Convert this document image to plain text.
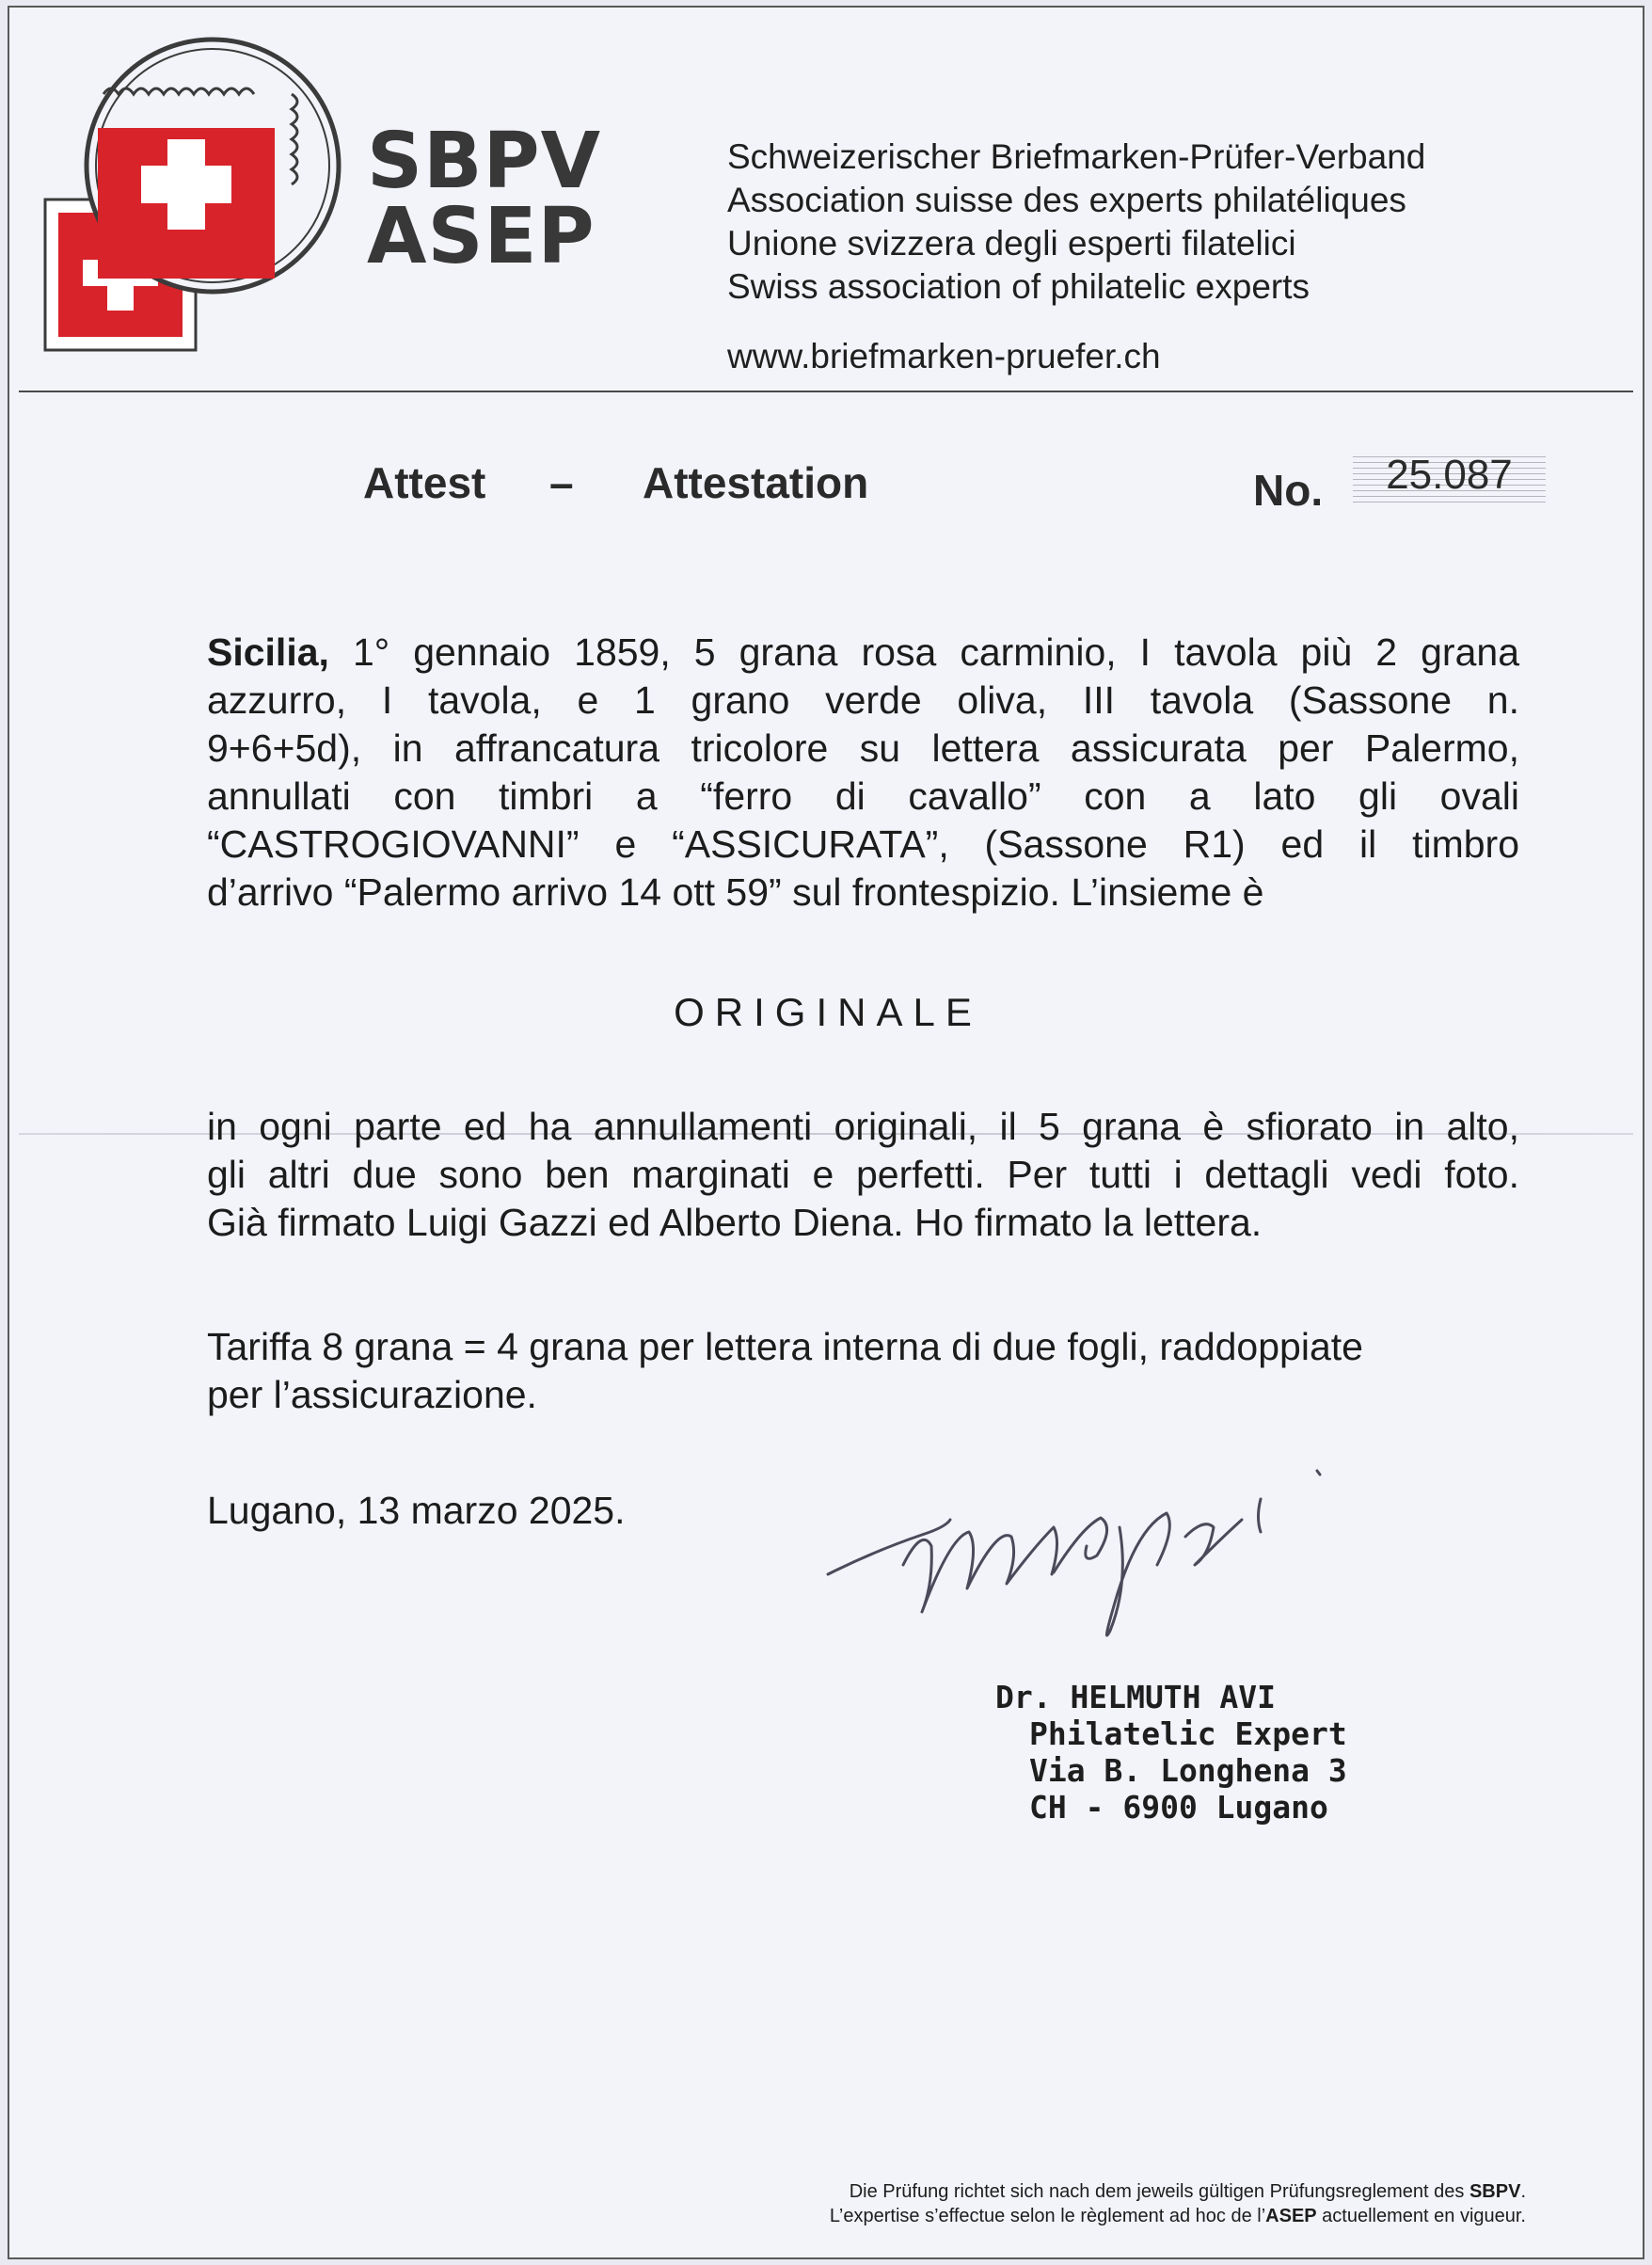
SBPV
ASEP
Schweizerischer Briefmarken-Prüfer-Verband
Association suisse des experts philatéliques
Unione svizzera degli esperti filatelici
Swiss association of philatelic experts
www.briefmarken-pruefer.ch
Attest – Attestation	No.	25.087
Sicilia, 1° gennaio 1859, 5 grana rosa carminio, I tavola più 2 grana
azzurro, I tavola, e 1 grano verde oliva, III tavola (Sassone n.
9+6+5d), in affrancatura tricolore su lettera assicurata per Palermo,
annullati con timbri a “ferro di cavallo” con a lato gli ovali
“CASTROGIOVANNI” e “ASSICURATA”, (Sassone R1) ed il timbro
d’arrivo “Palermo arrivo 14 ott 59” sul frontespizio. L’insieme è
ORIGINALE
in ogni parte ed ha annullamenti originali, il 5 grana è sfiorato in alto,
gli altri due sono ben marginati e perfetti. Per tutti i dettagli vedi foto.
Già firmato Luigi Gazzi ed Alberto Diena. Ho firmato la lettera.
Tariffa 8 grana = 4 grana per lettera interna di due fogli, raddoppiate
per l’assicurazione.
Lugano, 13 marzo 2025.
Dr. HELMUTH AVI
Philatelic Expert
Via B. Longhena 3
CH - 6900 Lugano
Die Prüfung richtet sich nach dem jeweils gültigen Prüfungsreglement des SBPV.
L’expertise s’effectue selon le règlement ad hoc de l’ASEP actuellement en vigueur.
